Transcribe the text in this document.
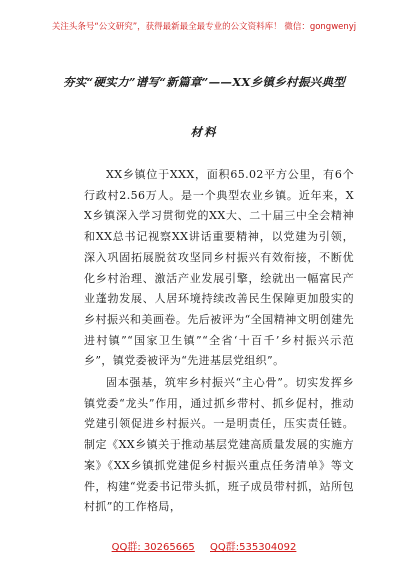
关注头条号“公文研究”，获得最新最全最专业的公文资料库！ 微信：gongwenyj
夯实“硬实力”谱写“新篇章”——XX乡镇乡村振兴典型
材料

XX乡镇位于XXX，面积65.02平方公里，有6个行政村2.56万人。是一个典型农业乡镇。近年来，XX乡镇深入学习贯彻党的XX大、二十届三中全会精神和XX总书记视察XX讲话重要精神，以党建为引领，深入巩固拓展脱贫攻坚同乡村振兴有效衔接，不断优化乡村治理、激活产业发展引擎，绘就出一幅富民产业蓬勃发展、人居环境持续改善民生保障更加殷实的乡村振兴和美画卷。先后被评为“全国精神文明创建先进村镇”“国家卫生镇”“全省‘十百千’乡村振兴示范乡”，镇党委被评为“先进基层党组织”。

固本强基，筑牢乡村振兴“主心骨”。切实发挥乡镇党委“龙头”作用，通过抓乡带村、抓乡促村，推动党建引领促进乡村振兴。一是明责任，压实责任链。制定《XX乡镇关于推动基层党建高质量发展的实施方案》《XX乡镇抓党建促乡村振兴重点任务清单》等文件，构建“党委书记带头抓，班子成员带村抓，站所包村抓”的工作格局，

QQ群: 30265665 QQ群:535304092
